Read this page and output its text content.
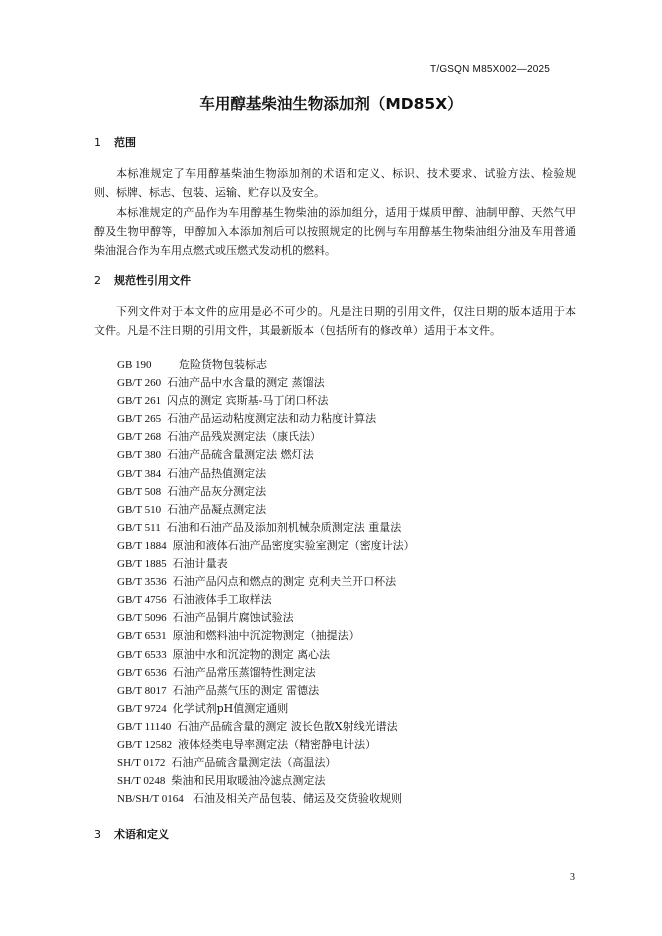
T/GSQN M85X002—2025
车用醇基柴油生物添加剂（MD85X）
1 范围
本标准规定了车用醇基柴油生物添加剂的术语和定义、标识、技术要求、试验方法、检验规则、标牌、标志、包装、运输、贮存以及安全。
本标准规定的产品作为车用醇基生物柴油的添加组分，适用于煤质甲醇、油制甲醇、天然气甲醇及生物甲醇等，甲醇加入本添加剂后可以按照规定的比例与车用醇基生物柴油组分油及车用普通柴油混合作为车用点燃式或压燃式发动机的燃料。
2 规范性引用文件
下列文件对于本文件的应用是必不可少的。凡是注日期的引用文件，仅注日期的版本适用于本文件。凡是不注日期的引用文件，其最新版本（包括所有的修改单）适用于本文件。
GB 190 危险货物包装标志
GB/T 260 石油产品中水含量的测定 蒸馏法
GB/T 261 闪点的测定 宾斯基-马丁闭口杯法
GB/T 265 石油产品运动粘度测定法和动力粘度计算法
GB/T 268 石油产品残炭测定法（康氏法）
GB/T 380 石油产品硫含量测定法 燃灯法
GB/T 384 石油产品热值测定法
GB/T 508 石油产品灰分测定法
GB/T 510 石油产品凝点测定法
GB/T 511 石油和石油产品及添加剂机械杂质测定法 重量法
GB/T 1884 原油和液体石油产品密度实验室测定（密度计法）
GB/T 1885 石油计量表
GB/T 3536 石油产品闪点和燃点的测定 克利夫兰开口杯法
GB/T 4756 石油液体手工取样法
GB/T 5096 石油产品铜片腐蚀试验法
GB/T 6531 原油和燃料油中沉淀物测定（抽提法）
GB/T 6533 原油中水和沉淀物的测定 离心法
GB/T 6536 石油产品常压蒸馏特性测定法
GB/T 8017 石油产品蒸气压的测定 雷德法
GB/T 9724 化学试剂pH值测定通则
GB/T 11140 石油产品硫含量的测定 波长色散X射线光谱法
GB/T 12582 液体烃类电导率测定法（精密静电计法）
SH/T 0172 石油产品硫含量测定法（高温法）
SH/T 0248 柴油和民用取暖油冷滤点测定法
NB/SH/T 0164 石油及相关产品包装、储运及交货验收规则
3 术语和定义
3
